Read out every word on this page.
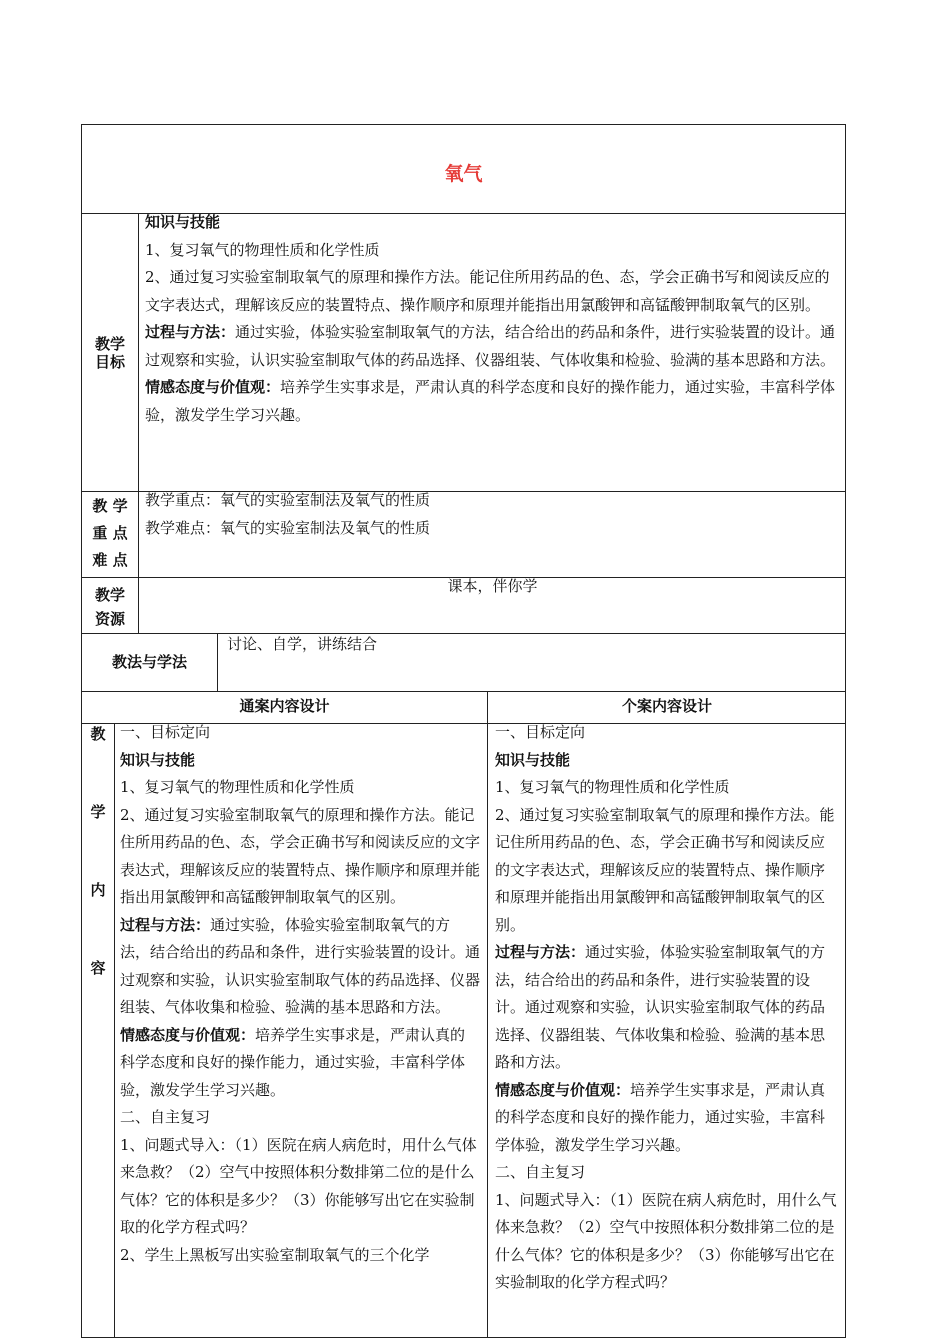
氧气
教学
目标

知识与技能

1、复习氧气的物理性质和化学性质

2、通过复习实验室制取氧气的原理和操作方法。能记住所用药品的色、态，学会正确书写和阅读反应的文字表达式，理解该反应的装置特点、操作顺序和原理并能指出用氯酸钾和高锰酸钾制取氧气的区别。

过程与方法：通过实验，体验实验室制取氧气的方法，结合给出的药品和条件，进行实验装置的设计。通过观察和实验，认识实验室制取气体的药品选择、仪器组装、气体收集和检验、验满的基本思路和方法。

情感态度与价值观：培养学生实事求是，严肃认真的科学态度和良好的操作能力，通过实验，丰富科学体验，激发学生学习兴趣。

教 学
重 点
难 点

教学重点：氧气的实验室制法及氧气的性质

教学难点：氧气的实验室制法及氧气的性质

教学
资源
课本，伴你学
教法与学法
讨论、自学，讲练结合
通案内容设计	个案内容设计
教
学
内
容

一、目标定向

知识与技能

1、复习氧气的物理性质和化学性质

2、通过复习实验室制取氧气的原理和操作方法。能记住所用药品的色、态，学会正确书写和阅读反应的文字表达式，理解该反应的装置特点、操作顺序和原理并能指出用氯酸钾和高锰酸钾制取氧气的区别。

过程与方法：通过实验，体验实验室制取氧气的方法，结合给出的药品和条件，进行实验装置的设计。通过观察和实验，认识实验室制取气体的药品选择、仪器组装、气体收集和检验、验满的基本思路和方法。

情感态度与价值观：培养学生实事求是，严肃认真的科学态度和良好的操作能力，通过实验，丰富科学体验，激发学生学习兴趣。

二、自主复习

1、问题式导入：（1）医院在病人病危时，用什么气体来急救？（2）空气中按照体积分数排第二位的是什么气体？它的体积是多少？（3）你能够写出它在实验制取的化学方程式吗？

2、学生上黑板写出实验室制取氧气的三个化学

一、目标定向

知识与技能

1、复习氧气的物理性质和化学性质

2、通过复习实验室制取氧气的原理和操作方法。能记住所用药品的色、态，学会正确书写和阅读反应的文字表达式，理解该反应的装置特点、操作顺序和原理并能指出用氯酸钾和高锰酸钾制取氧气的区别。

过程与方法：通过实验，体验实验室制取氧气的方法，结合给出的药品和条件，进行实验装置的设计。通过观察和实验，认识实验室制取气体的药品选择、仪器组装、气体收集和检验、验满的基本思路和方法。

情感态度与价值观：培养学生实事求是，严肃认真的科学态度和良好的操作能力，通过实验，丰富科学体验，激发学生学习兴趣。

二、自主复习

1、问题式导入：（1）医院在病人病危时，用什么气体来急救？（2）空气中按照体积分数排第二位的是什么气体？它的体积是多少？（3）你能够写出它在实验制取的化学方程式吗？
